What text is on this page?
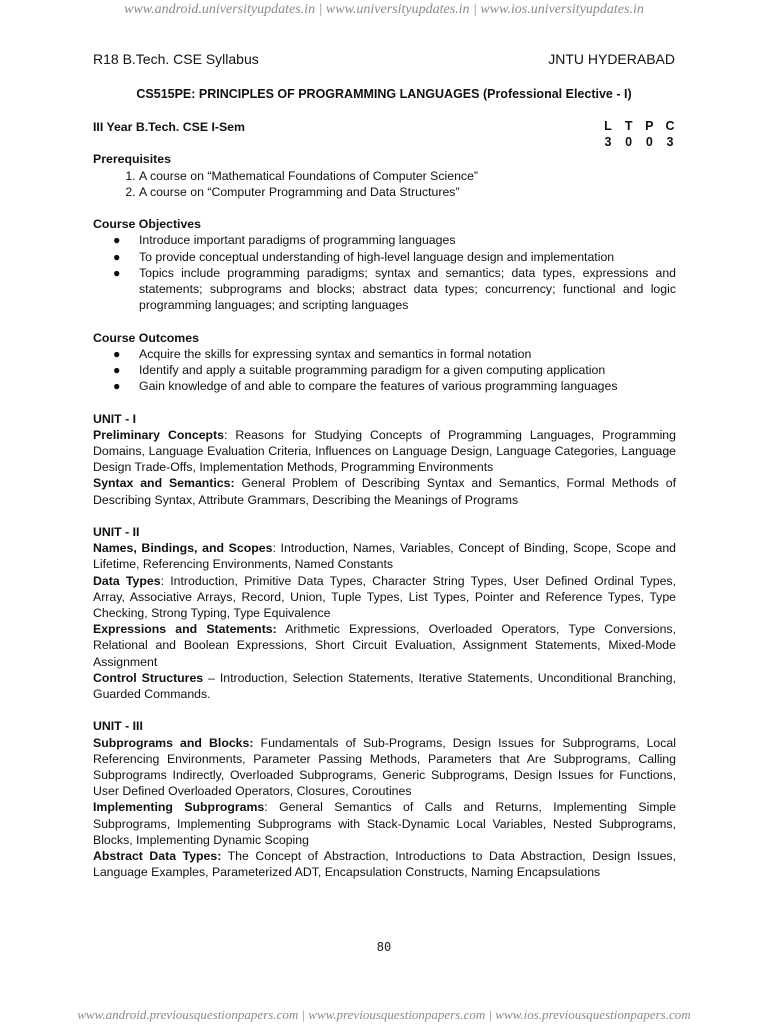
www.android.universityupdates.in | www.universityupdates.in | www.ios.universityupdates.in
R18 B.Tech. CSE Syllabus	JNTU HYDERABAD
CS515PE: PRINCIPLES OF PROGRAMMING LANGUAGES (Professional Elective - I)
L	T	P C
3	0	0	3

III Year B.Tech. CSE I-Sem

Prerequisites

1. A course on “Mathematical Foundations of Computer Science”
2. A course on “Computer Programming and Data Structures”

Course Objectives

● Introduce important paradigms of programming languages
● To provide conceptual understanding of high-level language design and implementation
● Topics include programming paradigms; syntax and semantics; data types, expressions and statements; subprograms and blocks; abstract data types; concurrency; functional and logic programming languages; and scripting languages

Course Outcomes

● Acquire the skills for expressing syntax and semantics in formal notation
● Identify and apply a suitable programming paradigm for a given computing application
● Gain knowledge of and able to compare the features of various programming languages

UNIT - I

Preliminary Concepts: Reasons for Studying Concepts of Programming Languages, Programming Domains, Language Evaluation Criteria, Influences on Language Design, Language Categories, Language Design Trade-Offs, Implementation Methods, Programming Environments

Syntax and Semantics: General Problem of Describing Syntax and Semantics, Formal Methods of Describing Syntax, Attribute Grammars, Describing the Meanings of Programs

UNIT - II

Names, Bindings, and Scopes: Introduction, Names, Variables, Concept of Binding, Scope, Scope and Lifetime, Referencing Environments, Named Constants

Data Types: Introduction, Primitive Data Types, Character String Types, User Defined Ordinal Types, Array, Associative Arrays, Record, Union, Tuple Types, List Types, Pointer and Reference Types, Type Checking, Strong Typing, Type Equivalence

Expressions and Statements: Arithmetic Expressions, Overloaded Operators, Type Conversions, Relational and Boolean Expressions, Short Circuit Evaluation, Assignment Statements, Mixed-Mode Assignment

Control Structures – Introduction, Selection Statements, Iterative Statements, Unconditional Branching, Guarded Commands.

UNIT - III

Subprograms and Blocks: Fundamentals of Sub-Programs, Design Issues for Subprograms, Local Referencing Environments, Parameter Passing Methods, Parameters that Are Subprograms, Calling Subprograms Indirectly, Overloaded Subprograms, Generic Subprograms, Design Issues for Functions, User Defined Overloaded Operators, Closures, Coroutines

Implementing Subprograms: General Semantics of Calls and Returns, Implementing Simple Subprograms, Implementing Subprograms with Stack-Dynamic Local Variables, Nested Subprograms, Blocks, Implementing Dynamic Scoping

Abstract Data Types: The Concept of Abstraction, Introductions to Data Abstraction, Design Issues, Language Examples, Parameterized ADT, Encapsulation Constructs, Naming Encapsulations

80
www.android.previousquestionpapers.com | www.previousquestionpapers.com | www.ios.previousquestionpapers.com
